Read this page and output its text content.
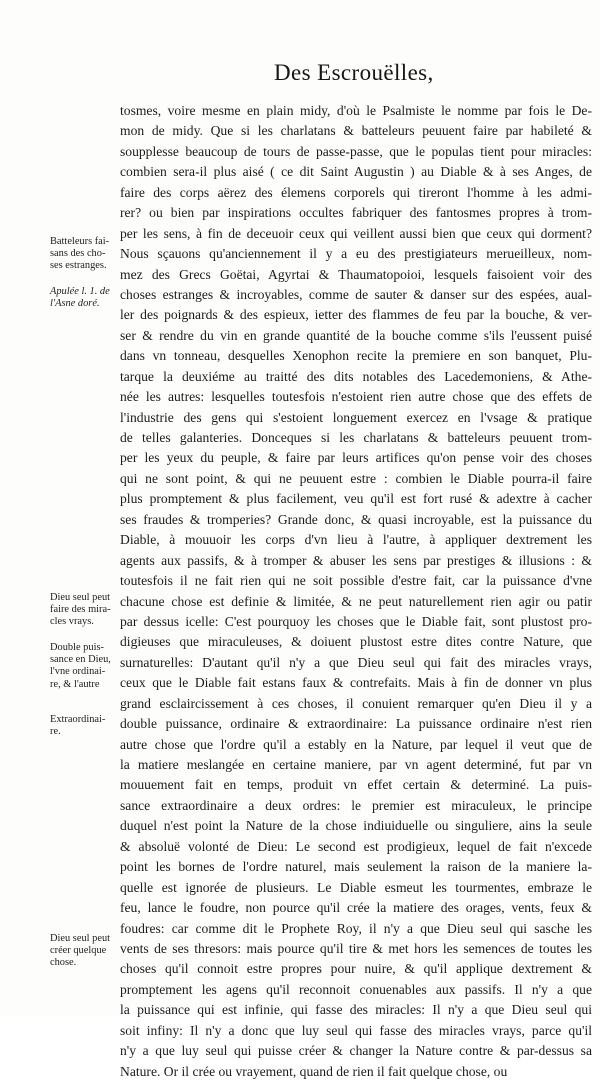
Des Escrouëlles,
tosmes, voire mesme en plain midy, d'où le Psalmiste le nomme par fois le De-
mon de midy. Que si les charlatans & batteleurs peuuent faire par habileté &
soupplesse beaucoup de tours de passe-passe, que le populas tient pour miracles:
combien sera-il plus aisé ( ce dit Saint Augustin ) au Diable & à ses Anges, de
faire des corps aërez des élemens corporels qui tireront l'homme à les admi-
rer? ou bien par inspirations occultes fabriquer des fantosmes propres à trom-
per les sens, à fin de deceuoir ceux qui veillent aussi bien que ceux qui dorment?
Nous sçauons qu'anciennement il y a eu des prestigiateurs merueilleux, nom-
mez des Grecs Goëtai, Agyrtai & Thaumatopoioi, lesquels faisoient voir des
choses estranges & incroyables, comme de sauter & danser sur des espées, aual-
ler des poignards & des espieux, ietter des flammes de feu par la bouche, & ver-
ser & rendre du vin en grande quantité de la bouche comme s'ils l'eussent puisé
dans vn tonneau, desquelles Xenophon recite la premiere en son banquet, Plu-
tarque la deuxiéme au traitté des dits notables des Lacedemoniens, & Athe-
née les autres: lesquelles toutesfois n'estoient rien autre chose que des effets de
l'industrie des gens qui s'estoient longuement exercez en l'vsage & pratique
de telles galanteries. Donceques si les charlatans & batteleurs peuuent trom-
per les yeux du peuple, & faire par leurs artifices qu'on pense voir des choses
qui ne sont point, & qui ne peuuent estre : combien le Diable pourra-il faire
plus promptement & plus facilement, veu qu'il est fort rusé & adextre à cacher
ses fraudes & tromperies? Grande donc, & quasi incroyable, est la puissance du
Diable, à mouuoir les corps d'vn lieu à l'autre, à appliquer dextrement les
agents aux passifs, & à tromper & abuser les sens par prestiges & illusions : &
toutesfois il ne fait rien qui ne soit possible d'estre fait, car la puissance d'vne
chacune chose est definie & limitée, & ne peut naturellement rien agir ou patir
par dessus icelle: C'est pourquoy les choses que le Diable fait, sont plustost pro-
digieuses que miraculeuses, & doiuent plustost estre dites contre Nature, que
surnaturelles: D'autant qu'il n'y a que Dieu seul qui fait des miracles vrays,
ceux que le Diable fait estans faux & contrefaits. Mais à fin de donner vn plus
grand esclaircissement à ces choses, il conuient remarquer qu'en Dieu il y a
double puissance, ordinaire & extraordinaire: La puissance ordinaire n'est rien
autre chose que l'ordre qu'il a estably en la Nature, par lequel il veut que de
la matiere meslangée en certaine maniere, par vn agent determiné, fut par vn
mouuement fait en temps, produit vn effet certain & determiné. La puis-
sance extraordinaire a deux ordres: le premier est miraculeux, le principe
duquel n'est point la Nature de la chose indiuiduelle ou singuliere, ains la seule
& absoluë volonté de Dieu: Le second est prodigieux, lequel de fait n'excede
point les bornes de l'ordre naturel, mais seulement la raison de la maniere la-
quelle est ignorée de plusieurs. Le Diable esmeut les tourmentes, embraze le
feu, lance le foudre, non pource qu'il crée la matiere des orages, vents, feux &
foudres: car comme dit le Prophete Roy, il n'y a que Dieu seul qui sasche les
vents de ses thresors: mais pource qu'il tire & met hors les semences de toutes les
choses qu'il connoit estre propres pour nuire, & qu'il applique dextrement &
promptement les agens qu'il reconnoit conuenables aux passifs. Il n'y a que
la puissance qui est infinie, qui fasse des miracles: Il n'y a que Dieu seul qui
soit infiny: Il n'y a donc que luy seul qui fasse des miracles vrays, parce qu'il
n'y a que luy seul qui puisse créer & changer la Nature contre & par-dessus sa
Nature. Or il crée ou vrayement, quand de rien il fait quelque chose, ou
Batteleurs fai-
sans des cho-
ses estranges.
Apulée l. 1. de
l'Asne doré.
Dieu seul peut
faire des mira-
cles vrays.
Double puis-
sance en Dieu,
l'vne ordinai-
re, & l'autre
Extraordinai-
re.
Dieu seul peut
créer quelque
chose.
